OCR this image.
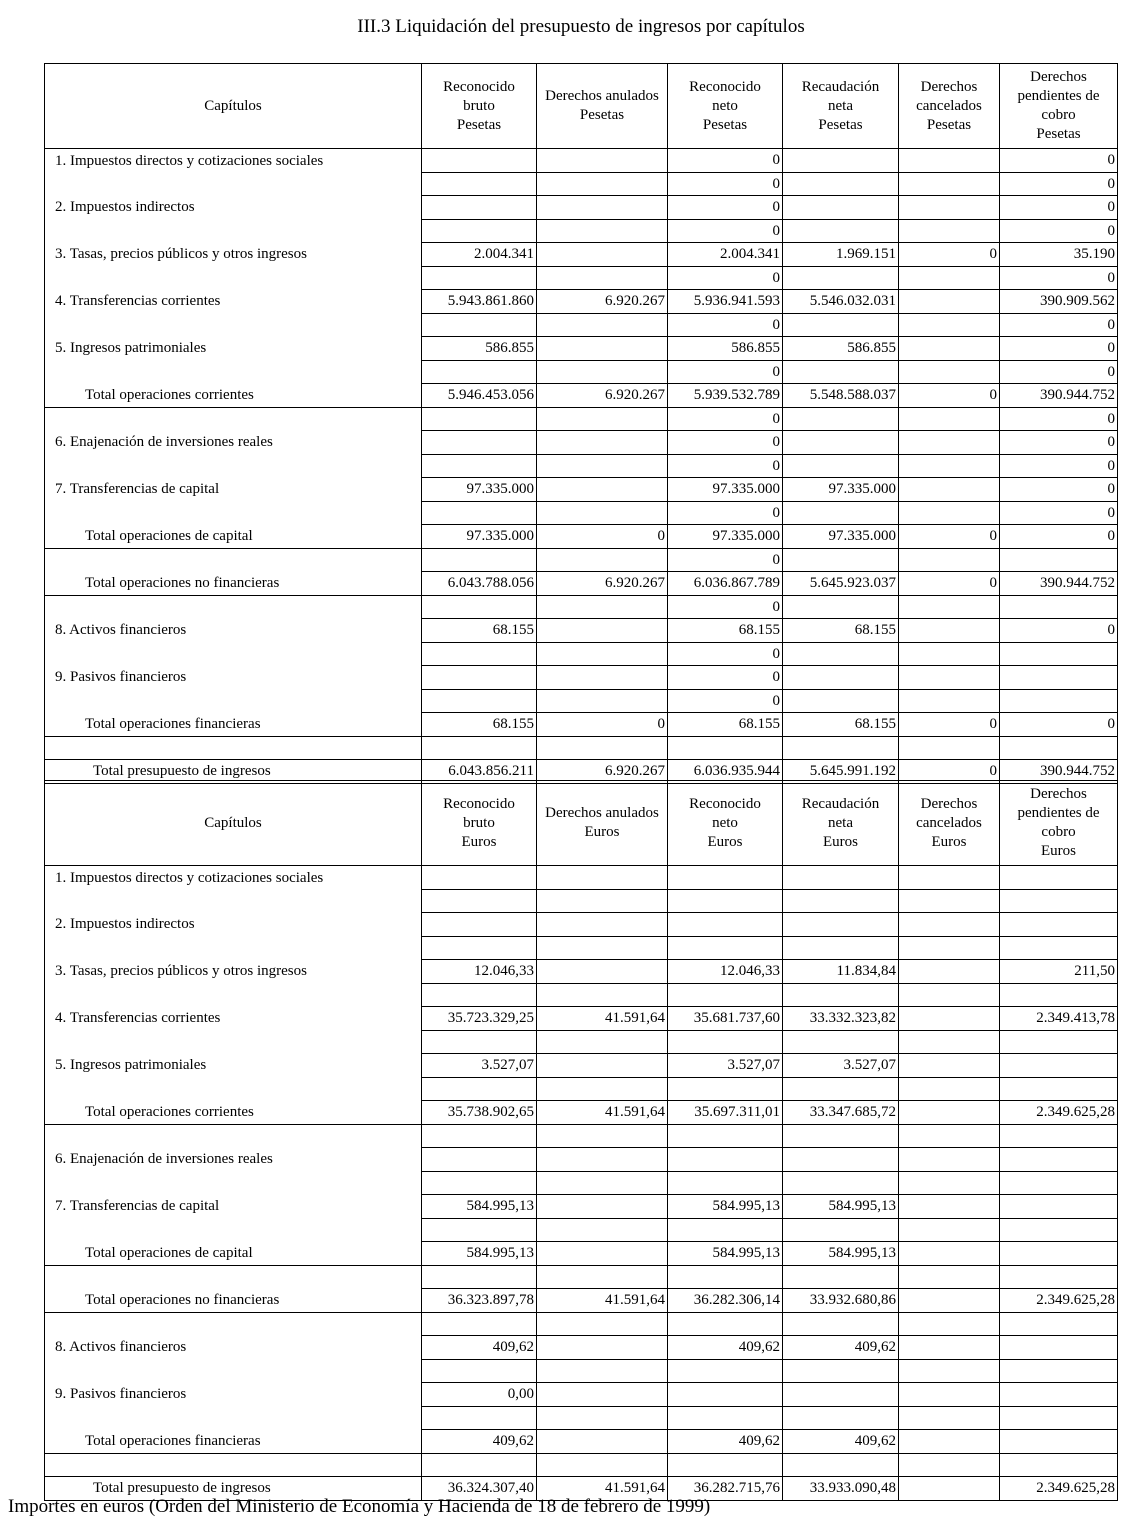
III.3 Liquidación del presupuesto de ingresos por capítulos
Capítulos	Reconocido
bruto
Pesetas	Derechos anulados
Pesetas	Reconocido
neto
Pesetas	Recaudación
neta
Pesetas	Derechos
cancelados
Pesetas	Derechos
pendientes de
cobro
Pesetas
1. Impuestos directos y cotizaciones sociales			0			0
			0			0
2. Impuestos indirectos			0			0
			0			0
3. Tasas, precios públicos y otros ingresos	2.004.341		2.004.341	1.969.151	0	35.190
			0			0
4. Transferencias corrientes	5.943.861.860	6.920.267	5.936.941.593	5.546.032.031		390.909.562
			0			0
5. Ingresos patrimoniales	586.855		586.855	586.855		0
			0			0
Total operaciones corrientes	5.946.453.056	6.920.267	5.939.532.789	5.548.588.037	0	390.944.752
			0			0
6. Enajenación de inversiones reales			0			0
			0			0
7. Transferencias de capital	97.335.000		97.335.000	97.335.000		0
			0			0
Total operaciones de capital	97.335.000	0	97.335.000	97.335.000	0	0
			0			
Total operaciones no financieras	6.043.788.056	6.920.267	6.036.867.789	5.645.923.037	0	390.944.752
			0			
8. Activos financieros	68.155		68.155	68.155		0
			0			
9. Pasivos financieros			0			
			0			
Total operaciones financieras	68.155	0	68.155	68.155	0	0

Total presupuesto de ingresos	6.043.856.211	6.920.267	6.036.935.944	5.645.991.192	0	390.944.752
Capítulos	Reconocido
bruto
Euros	Derechos anulados
Euros	Reconocido
neto
Euros	Recaudación
neta
Euros	Derechos
cancelados
Euros	Derechos
pendientes de
cobro
Euros
1. Impuestos directos y cotizaciones sociales						

2. Impuestos indirectos						

3. Tasas, precios públicos y otros ingresos	12.046,33		12.046,33	11.834,84		211,50

4. Transferencias corrientes	35.723.329,25	41.591,64	35.681.737,60	33.332.323,82		2.349.413,78

5. Ingresos patrimoniales	3.527,07		3.527,07	3.527,07		

Total operaciones corrientes	35.738.902,65	41.591,64	35.697.311,01	33.347.685,72		2.349.625,28

6. Enajenación de inversiones reales						

7. Transferencias de capital	584.995,13		584.995,13	584.995,13		

Total operaciones de capital	584.995,13		584.995,13	584.995,13		

Total operaciones no financieras	36.323.897,78	41.591,64	36.282.306,14	33.932.680,86		2.349.625,28

8. Activos financieros	409,62		409,62	409,62		

9. Pasivos financieros	0,00					

Total operaciones financieras	409,62		409,62	409,62		

Total presupuesto de ingresos	36.324.307,40	41.591,64	36.282.715,76	33.933.090,48		2.349.625,28
Importes en euros (Orden del Ministerio de Economía y Hacienda de 18 de febrero de 1999)
